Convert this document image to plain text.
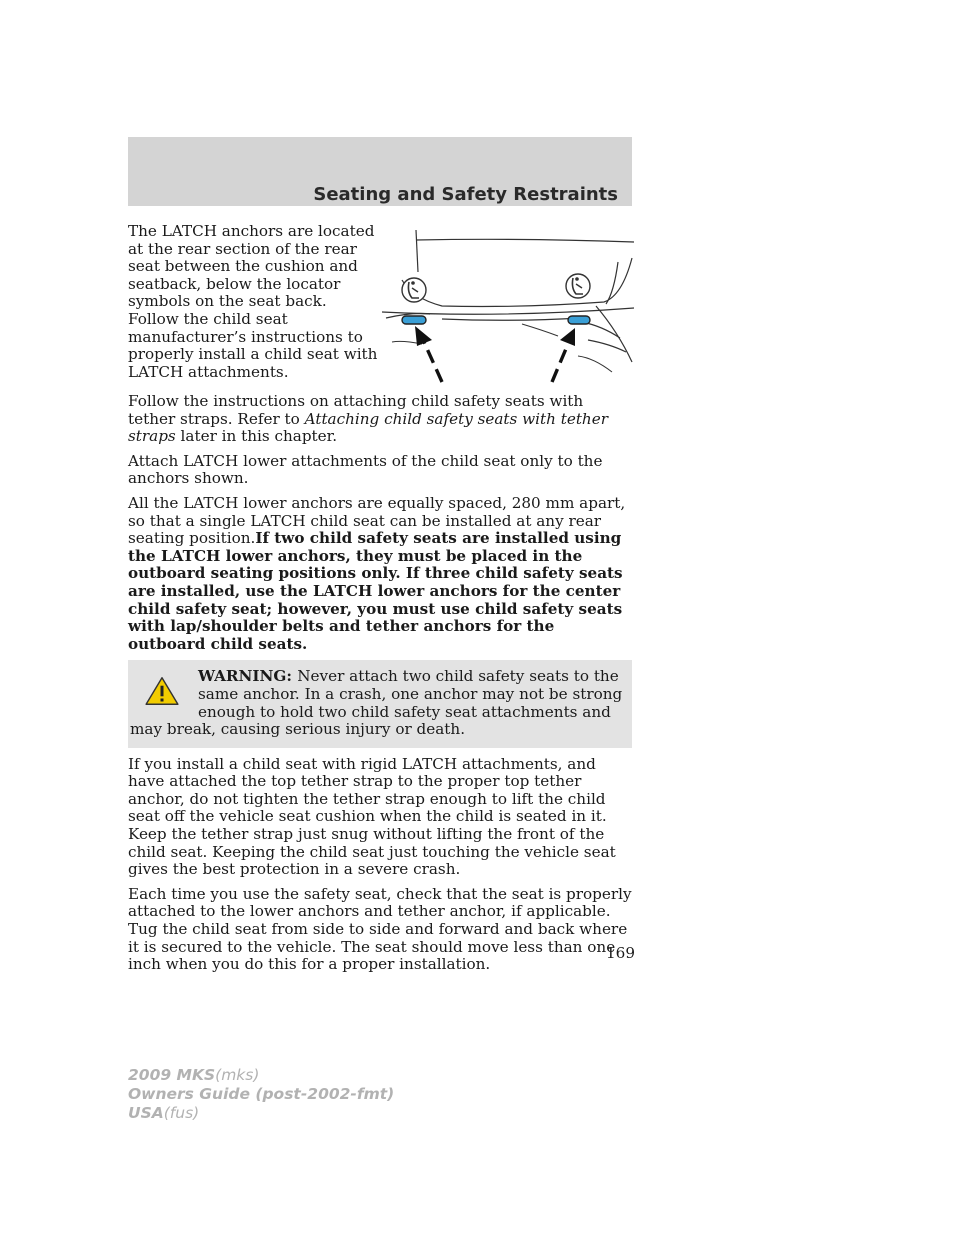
Seating and Safety Restraints

The LATCH anchors are located at the rear section of the rear seat between the cushion and seatback, below the locator symbols on the seat back. Follow the child seat manufacturer’s instructions to properly install a child seat with LATCH attachments.

Follow the instructions on attaching child safety seats with tether straps. Refer to Attaching child safety seats with tether straps later in this chapter.

Attach LATCH lower attachments of the child seat only to the anchors shown.

All the LATCH lower anchors are equally spaced, 280 mm apart, so that a single LATCH child seat can be installed at any rear seating position.If two child safety seats are installed using the LATCH lower anchors, they must be placed in the outboard seating positions only. If three child safety seats are installed, use the LATCH lower anchors for the center child safety seat; however, you must use child safety seats with lap/shoulder belts and tether anchors for the outboard child seats.

WARNING: Never attach two child safety seats to the same anchor. In a crash, one anchor may not be strong enough to hold two child safety seat attachments and may break, causing serious injury or death.

If you install a child seat with rigid LATCH attachments, and have attached the top tether strap to the proper top tether anchor, do not tighten the tether strap enough to lift the child seat off the vehicle seat cushion when the child is seated in it. Keep the tether strap just snug without lifting the front of the child seat. Keeping the child seat just touching the vehicle seat gives the best protection in a severe crash.

Each time you use the safety seat, check that the seat is properly attached to the lower anchors and tether anchor, if applicable. Tug the child seat from side to side and forward and back where it is secured to the vehicle. The seat should move less than one inch when you do this for a proper installation.

169

2009 MKS(mks)
Owners Guide (post-2002-fmt)
USA(fus)
